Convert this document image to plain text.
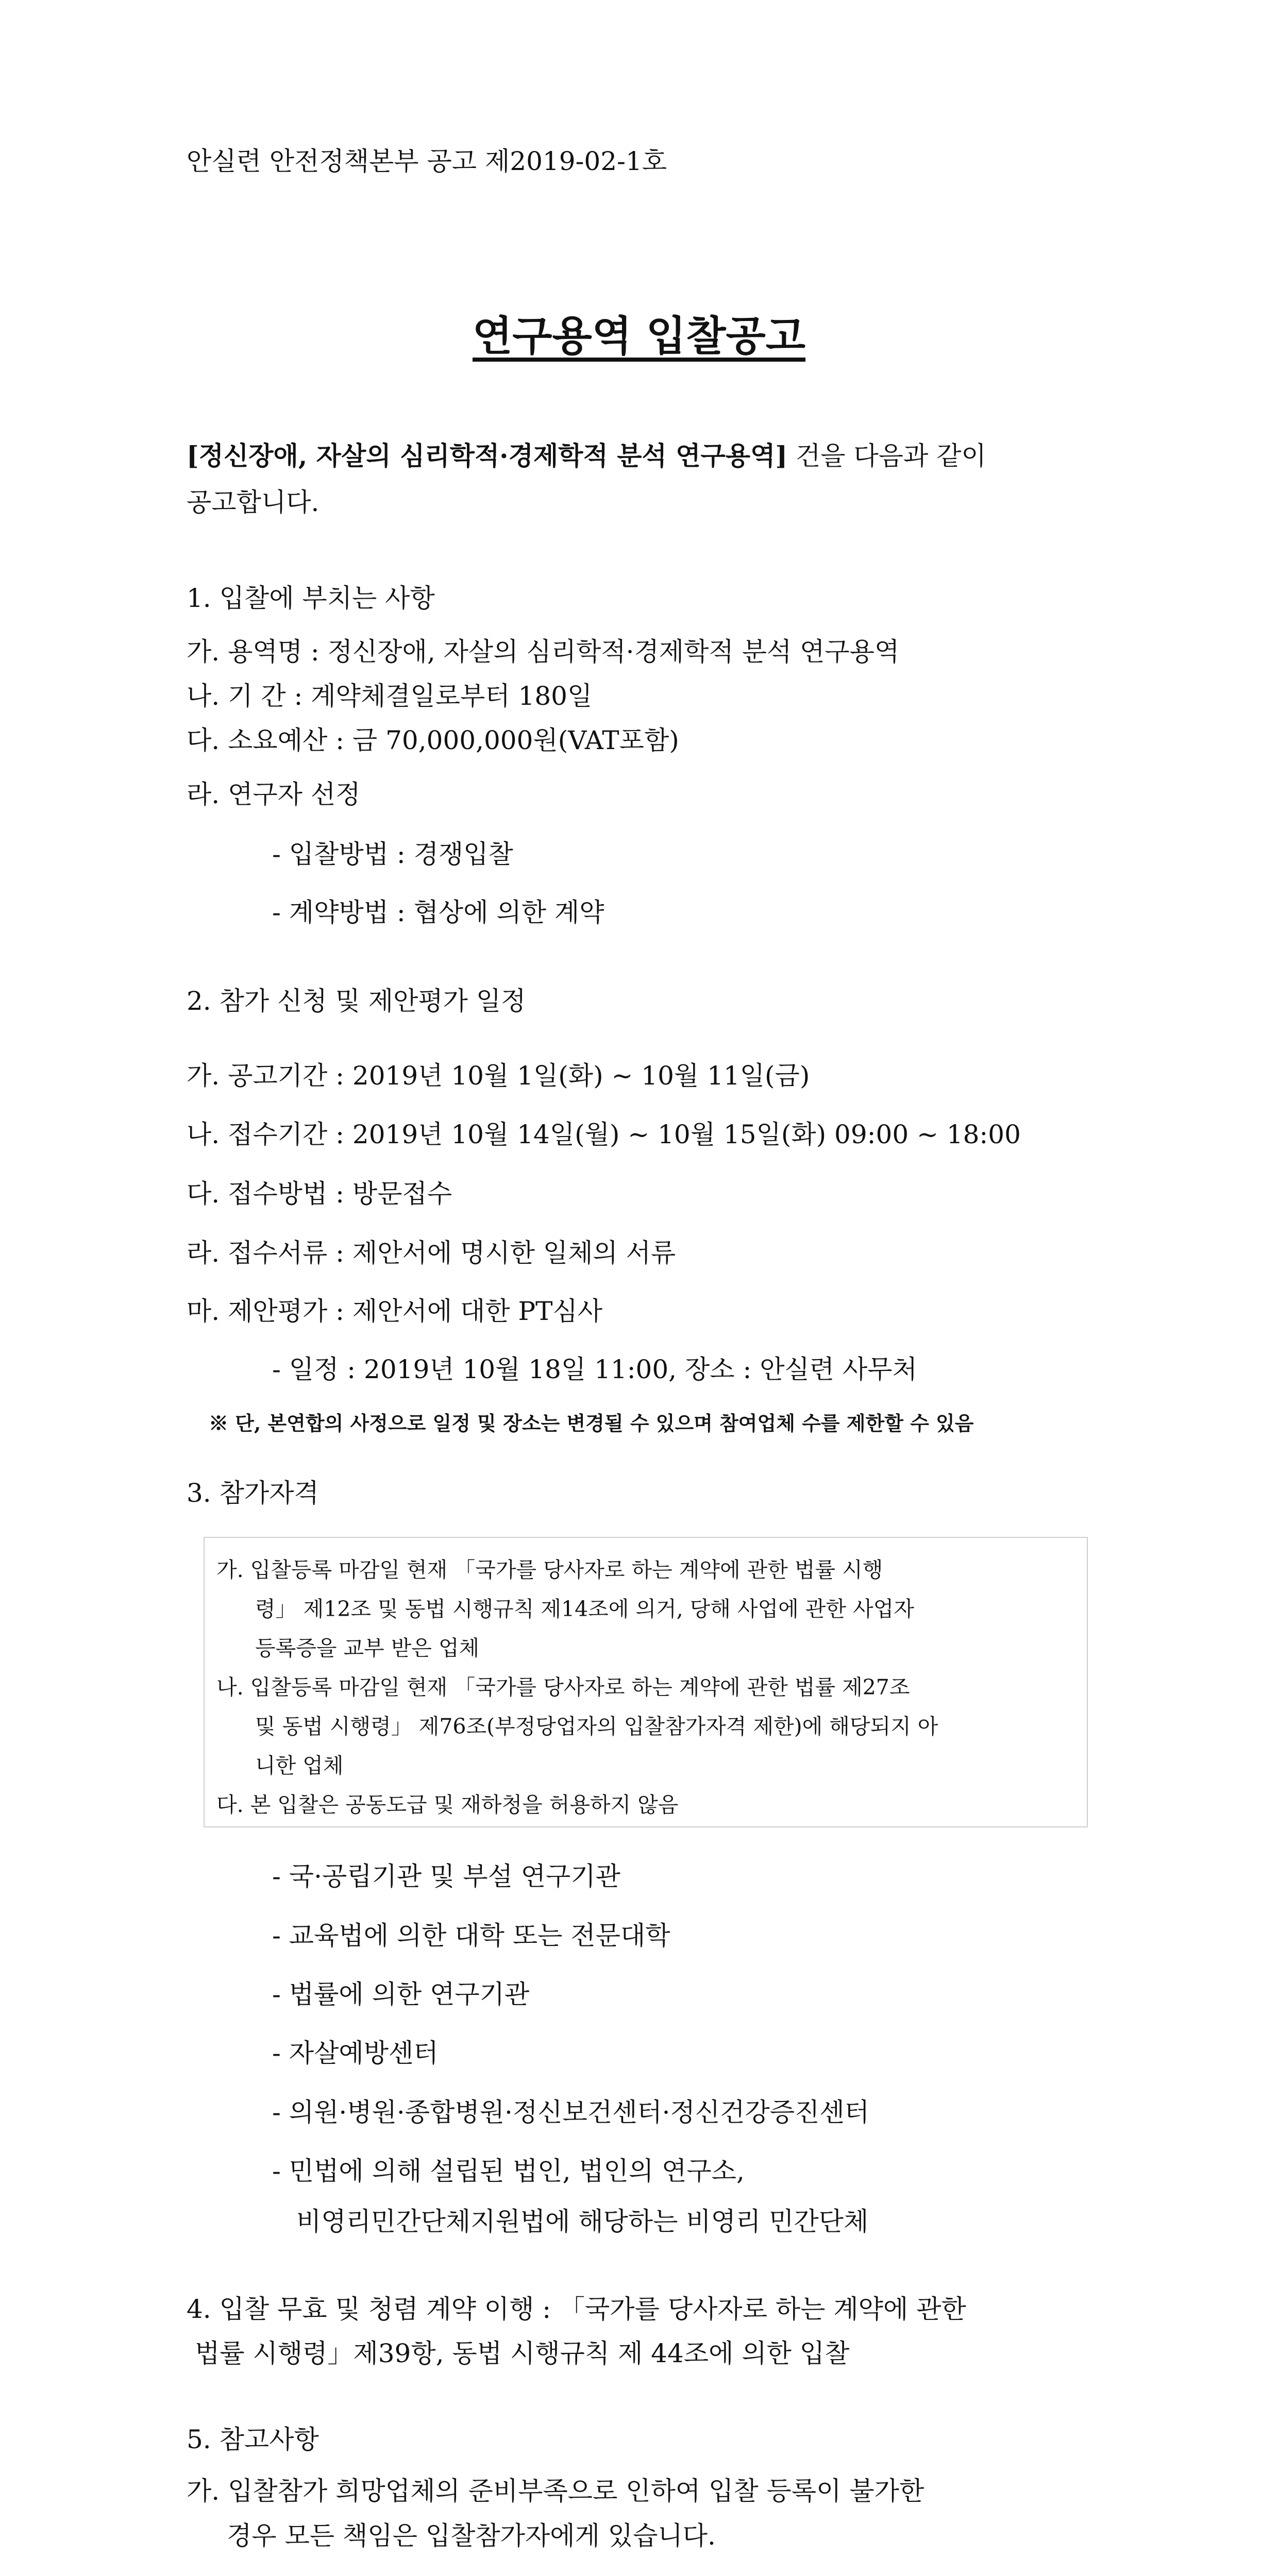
안실련 안전정책본부 공고 제2019-02-1호
연구용역 입찰공고
[정신장애, 자살의 심리학적·경제학적 분석 연구용역] 건을 다음과 같이
공고합니다.
1. 입찰에 부치는 사항
가. 용역명 : 정신장애, 자살의 심리학적·경제학적 분석 연구용역
나. 기 간 : 계약체결일로부터 180일
다. 소요예산 : 금 70,000,000원(VAT포함)
라. 연구자 선정
- 입찰방법 : 경쟁입찰
- 계약방법 : 협상에 의한 계약
2. 참가 신청 및 제안평가 일정
가. 공고기간 : 2019년 10월 1일(화) ~ 10월 11일(금)
나. 접수기간 : 2019년 10월 14일(월) ~ 10월 15일(화) 09:00 ~ 18:00
다. 접수방법 : 방문접수
라. 접수서류 : 제안서에 명시한 일체의 서류
마. 제안평가 : 제안서에 대한 PT심사
- 일정 : 2019년 10월 18일 11:00, 장소 : 안실련 사무처
※ 단, 본연합의 사정으로 일정 및 장소는 변경될 수 있으며 참여업체 수를 제한할 수 있음
3. 참가자격
가. 입찰등록 마감일 현재 「국가를 당사자로 하는 계약에 관한 법률 시행
령」 제12조 및 동법 시행규칙 제14조에 의거, 당해 사업에 관한 사업자
등록증을 교부 받은 업체
나. 입찰등록 마감일 현재 「국가를 당사자로 하는 계약에 관한 법률 제27조
및 동법 시행령」 제76조(부정당업자의 입찰참가자격 제한)에 해당되지 아
니한 업체
다. 본 입찰은 공동도급 및 재하청을 허용하지 않음
- 국·공립기관 및 부설 연구기관
- 교육법에 의한 대학 또는 전문대학
- 법률에 의한 연구기관
- 자살예방센터
- 의원·병원·종합병원·정신보건센터·정신건강증진센터
- 민법에 의해 설립된 법인, 법인의 연구소,
비영리민간단체지원법에 해당하는 비영리 민간단체
4. 입찰 무효 및 청렴 계약 이행 : 「국가를 당사자로 하는 계약에 관한
법률 시행령」제39항, 동법 시행규칙 제 44조에 의한 입찰
5. 참고사항
가. 입찰참가 희망업체의 준비부족으로 인하여 입찰 등록이 불가한
경우 모든 책임은 입찰참가자에게 있습니다.
